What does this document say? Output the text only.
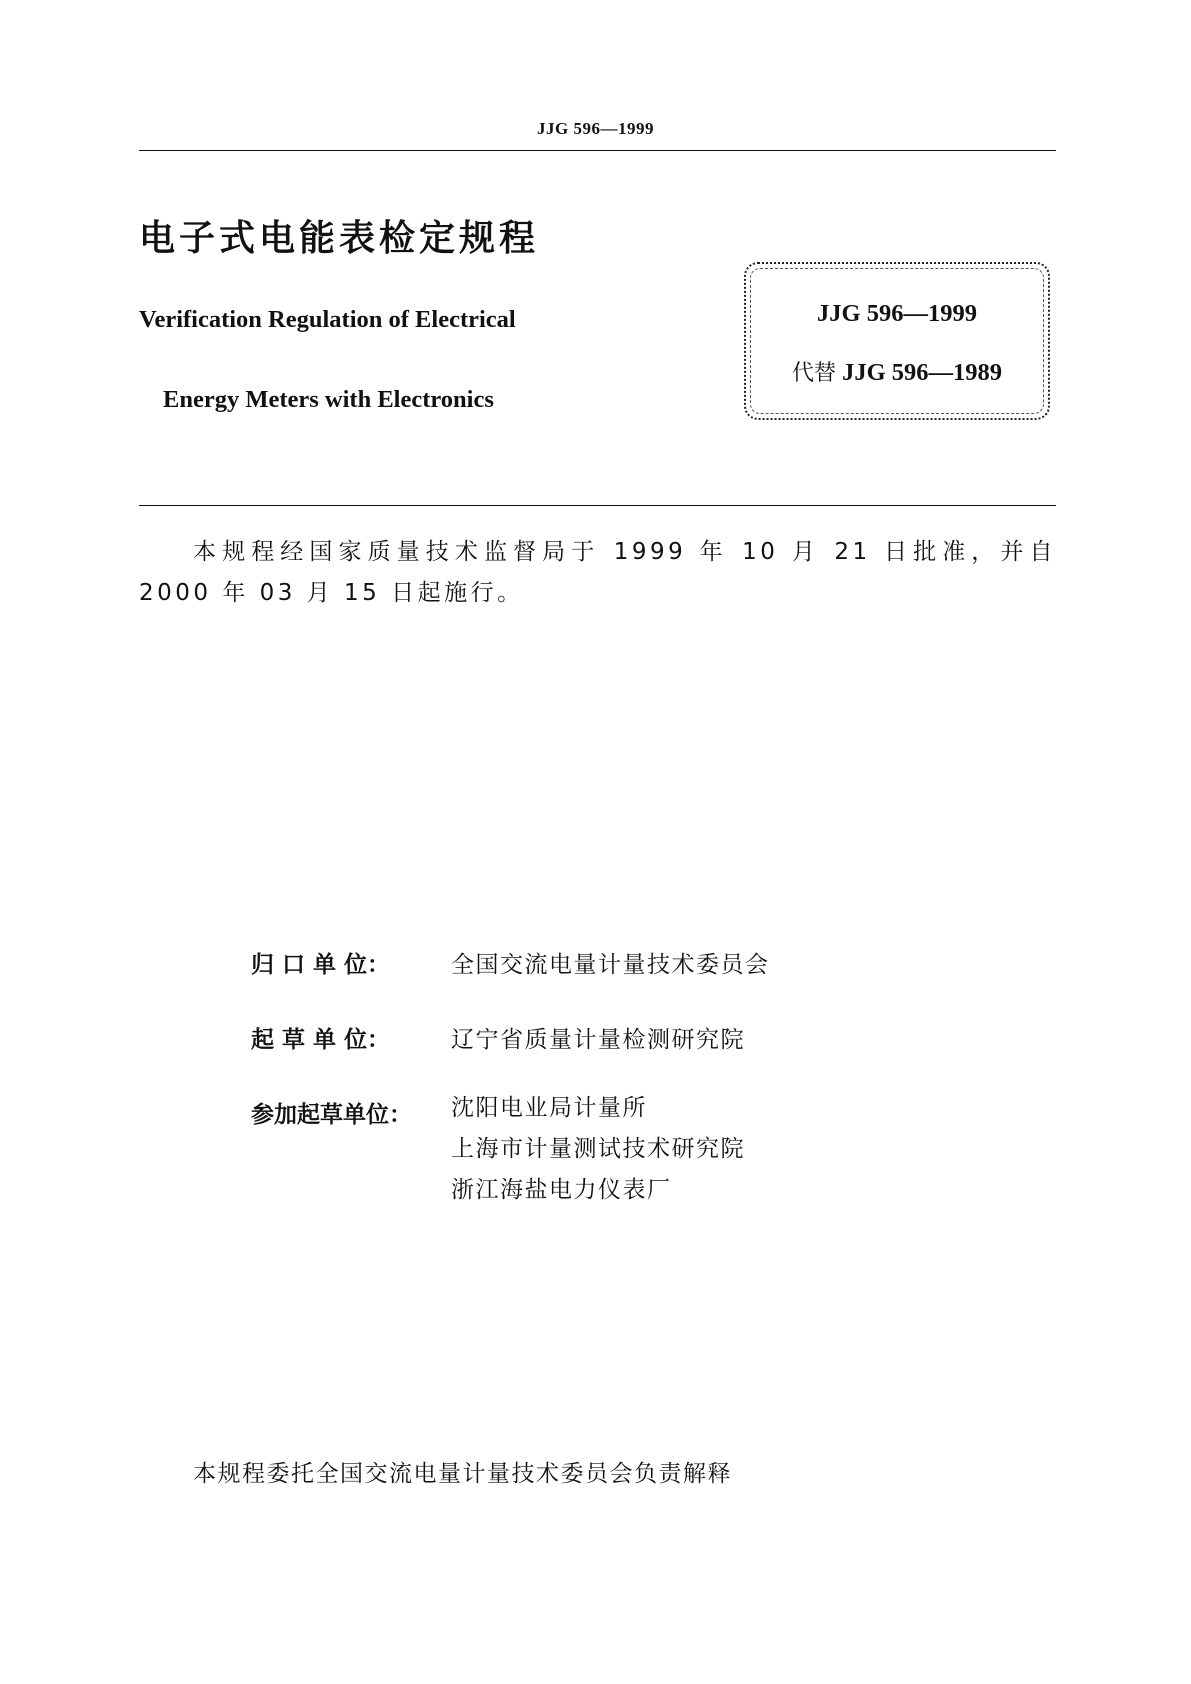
JJG 596—1999
电子式电能表检定规程
Verification Regulation of Electrical
Energy Meters with Electronics
JJG 596—1999
代替 JJG 596—1989
本规程经国家质量技术监督局于 1999 年 10 月 21 日批准，并自 2000 年 03 月 15 日起施行。
归 口 单 位：	全国交流电量计量技术委员会
起 草 单 位：	辽宁省质量计量检测研究院
参加起草单位：	沈阳电业局计量所
上海市计量测试技术研究院
浙江海盐电力仪表厂
本规程委托全国交流电量计量技术委员会负责解释
